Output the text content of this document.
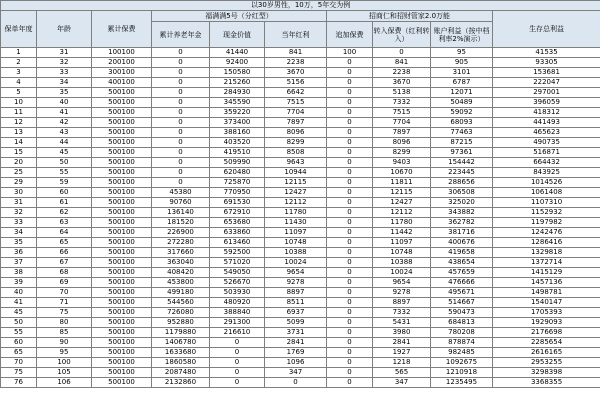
以30岁男性，10万，5年交为例									
保单年度	年龄	累计保费	福满满5号（分红型）			招商仁和招财管家2.0万能			生存总利益
			累计养老年金	现金价值	当年红利	追加保费	转入保费（红利转入）	账户利益（按中档利率2%演示）	
1	31	100100	0	41440	841	100	0	95	41535
2	32	200100	0	92400	2238	0	841	905	93305
3	33	300100	0	150580	3670	0	2238	3101	153681
4	34	400100	0	215260	5156	0	3670	6787	222047
5	35	500100	0	284930	6642	0	5138	12071	297001
10	40	500100	0	345590	7515	0	7332	50489	396059
11	41	500100	0	359220	7704	0	7515	59092	418312
12	42	500100	0	373400	7897	0	7704	68093	441493
13	43	500100	0	388160	8096	0	7897	77463	465623
14	44	500100	0	403520	8299	0	8096	87215	490735
15	45	500100	0	419510	8508	0	8299	97361	516871
20	50	500100	0	509990	9643	0	9403	154442	664432
25	55	500100	0	620480	10944	0	10670	223445	843925
29	59	500100	0	725870	12115	0	11811	288656	1014526
30	60	500100	45380	770950	12427	0	12115	306508	1061408
31	61	500100	90760	691530	12112	0	12427	325020	1107310
32	62	500100	136140	672910	11780	0	12112	343882	1152932
33	63	500100	181520	653680	11430	0	11780	362782	1197982
34	64	500100	226900	633860	11097	0	11442	381716	1242476
35	65	500100	272280	613460	10748	0	11097	400676	1286416
36	66	500100	317660	592500	10388	0	10748	419658	1329818
37	67	500100	363040	571020	10024	0	10388	438654	1372714
38	68	500100	408420	549050	9654	0	10024	457659	1415129
39	69	500100	453800	526670	9278	0	9654	476666	1457136
40	70	500100	499180	503930	8897	0	9278	495671	1498781
41	71	500100	544560	480920	8511	0	8897	514667	1540147
45	75	500100	726080	388840	6937	0	7332	590473	1705393
50	80	500100	952880	291300	5099	0	5431	684813	1929093
55	85	500100	1179880	216610	3731	0	3980	780208	2176698
60	90	500100	1406780	0	2841	0	2841	878874	2285654
65	95	500100	1633680	0	1769	0	1927	982485	2616165
70	100	500100	1860580	0	1096	0	1218	1092675	2953255
75	105	500100	2087480	0	347	0	565	1210918	3298398
76	106	500100	2132860	0	0	0	347	1235495	3368355
